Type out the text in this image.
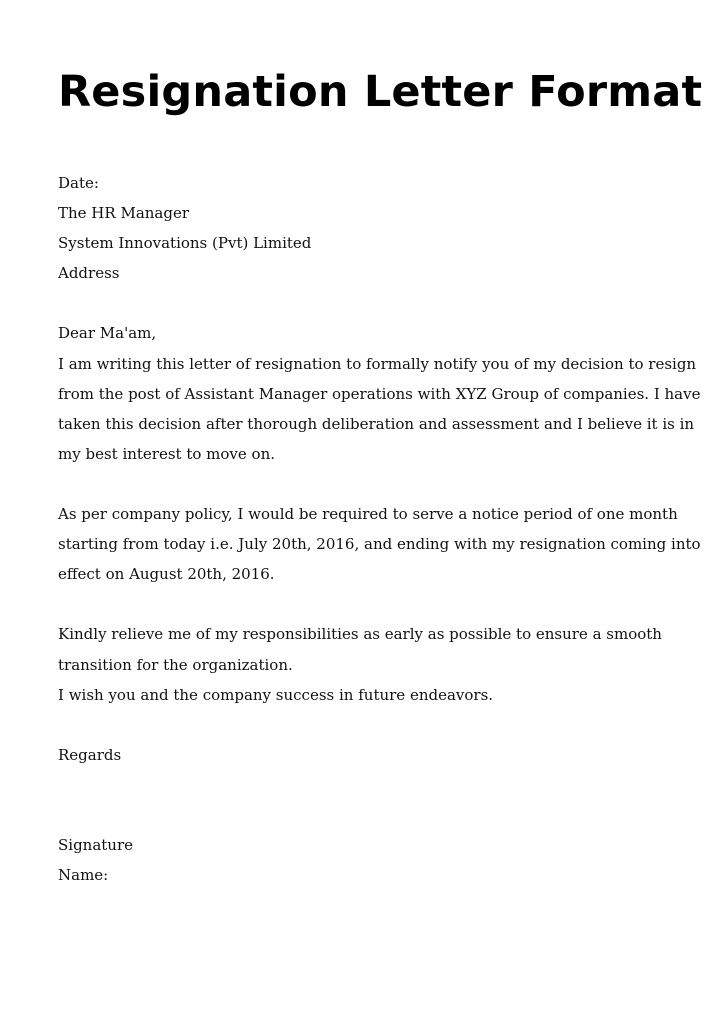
Resignation Letter Format
Date:
The HR Manager
System Innovations (Pvt) Limited
Address
Dear Ma'am,
I am writing this letter of resignation to formally notify you of my decision to resign
from the post of Assistant Manager operations with XYZ Group of companies. I have
taken this decision after thorough deliberation and assessment and I believe it is in
my best interest to move on.
As per company policy, I would be required to serve a notice period of one month
starting from today i.e. July 20th, 2016, and ending with my resignation coming into
effect on August 20th, 2016.
Kindly relieve me of my responsibilities as early as possible to ensure a smooth
transition for the organization.
I wish you and the company success in future endeavors.
Regards
Signature
Name:
